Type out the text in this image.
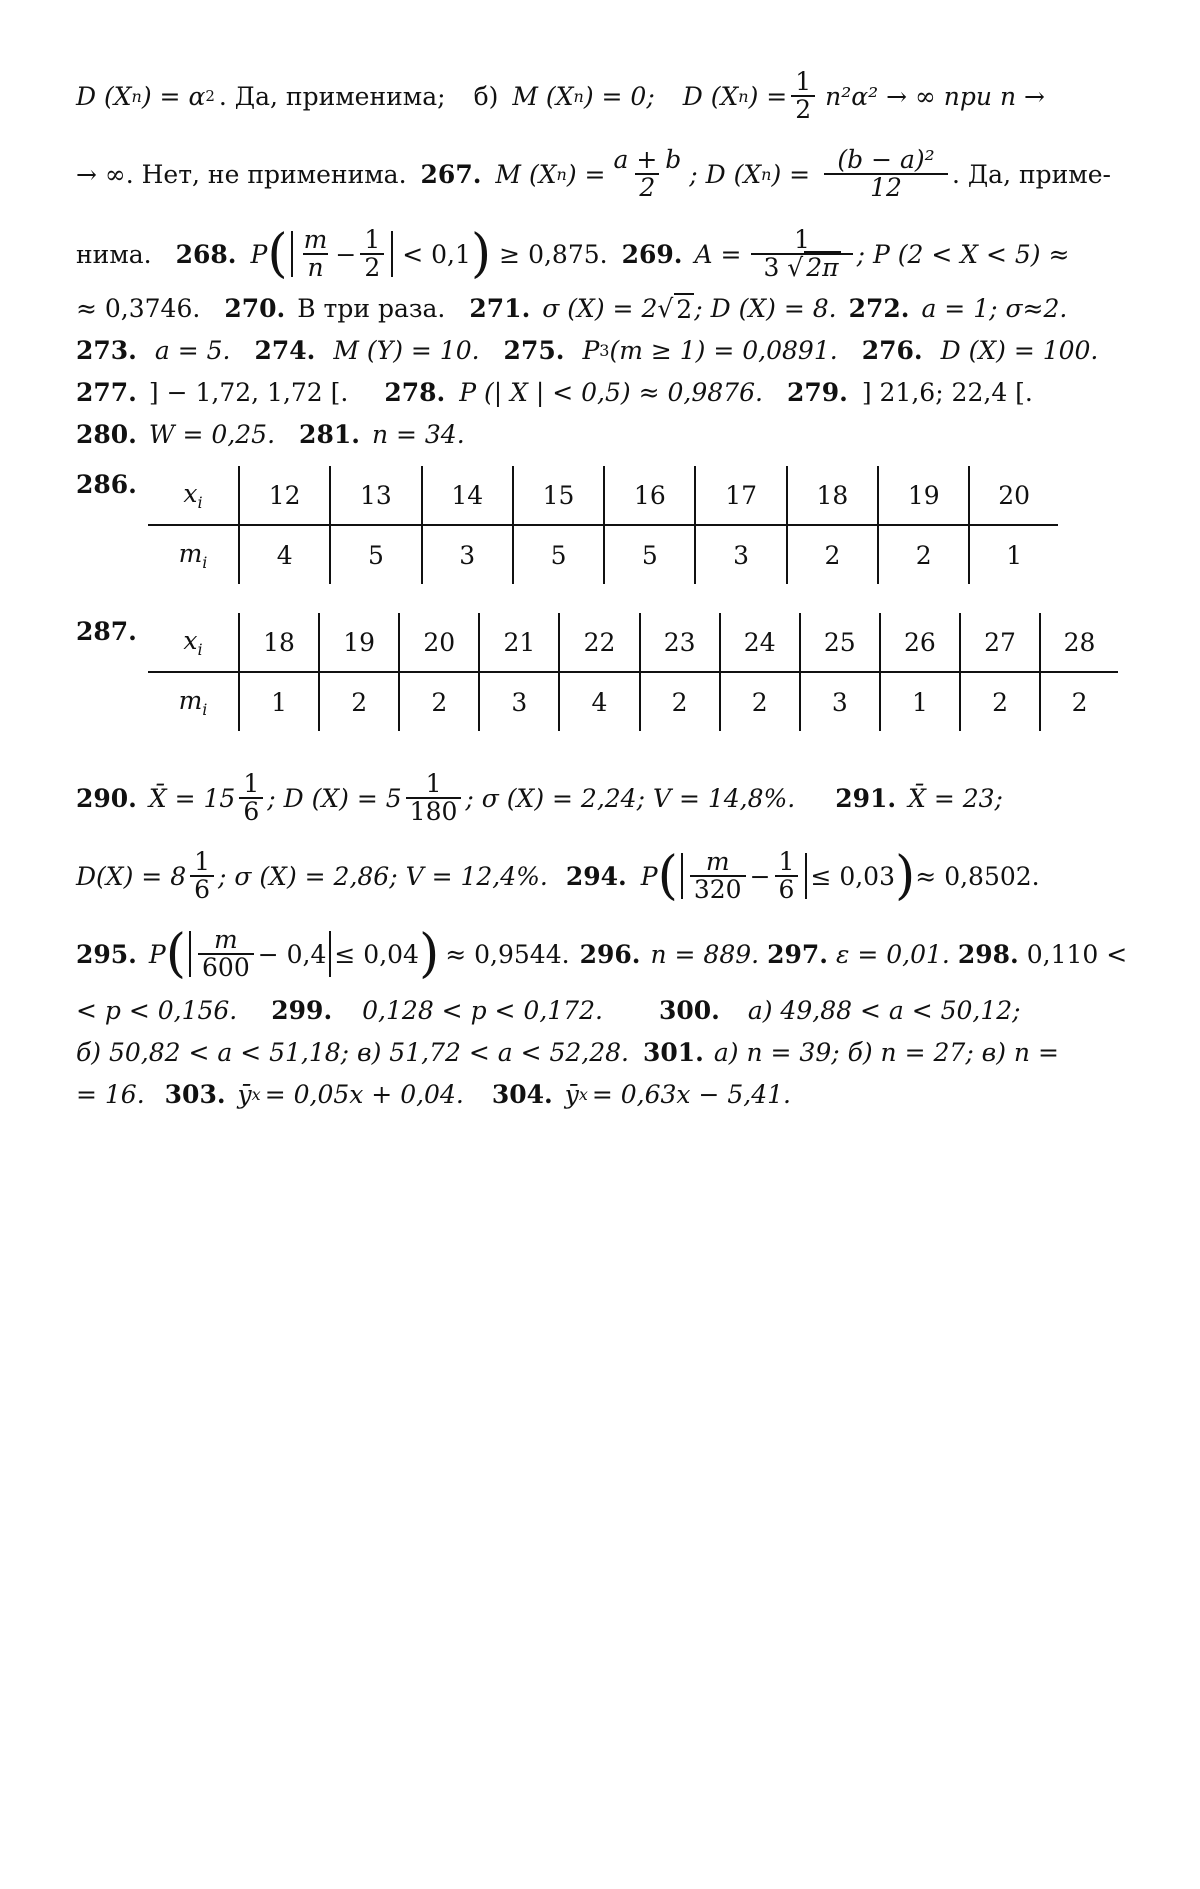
D (X n ) = α 2 . Да, применима; б) M (X n ) = 0; D (X n ) = $\frac{1}{2} n^2\alpha^2$ → ∞ при n →
→ ∞. Нет, не применима. 267. M (X n ) = $\frac{a + b}{2}$ ; D (X n ) = $\frac{\text{(b − a)²}}{12}$ . Да, приме-
нима. 268. P ( $\frac{m}{n} - \frac{1}{2} < 0,1$ ) ≥ 0,875. 269. $A = \frac{1}{3 √ 2\pi}$ ; P (2 < X < 5) ≈
≈ 0,3746. 270. В три раза. 271. σ (X) = 2 √ 2 ; D (X) = 8. 272. a = 1; σ≈2.
273. a = 5. 274. M (Y) = 10. 275. P 3 (m ≥ 1) = 0,0891. 276. D (X) = 100.
277. ] − 1,72, 1,72 [. 278. P (| X | < 0,5) ≈ 0,9876. 279. ] 21,6; 22,4 [.
280. W = 0,25. 281. n = 34.
286. $x_i$	12	13	14	15	16	17	18	19	20
$m_i$	4	5	3	5	5	3	2	2	1
287. $x_i$	18	19	20	21	22	23	24	25	26	27	28
$m_i$	1	2	2	3	4	2	2	3	1	2	2
290. X̄ = $15 \frac{1}{6}$ ; D $(X) = 5 \frac{1}{180}$ ; σ (X) = 2,24; V = 14,8%. 291. X̄ = 23;
$D(X) = 8 \frac{1}{6}$ ; σ (X) = 2,86; V = 12,4%. 294. P ( $\frac{m}{320} - \frac{1}{6} \le 0,03$ ) ≈ 0,8502.
295. P ( $\frac{m}{600} - 0,4 \le 0,04$ ) ≈ 0,9544. 296. n = 889. 297. ε = 0,01. 298. 0,110 <
< p < 0,156. 299. 0,128 < p < 0,172. 300. а) 49,88 < a < 50,12;
б) 50,82 < a < 51,18; в) 51,72 < a < 52,28. 301. а) n = 39; б) n = 27; в) n =
= 16. 303. ȳ x = 0,05x + 0,04. 304. ȳ x = 0,63x − 5,41.
